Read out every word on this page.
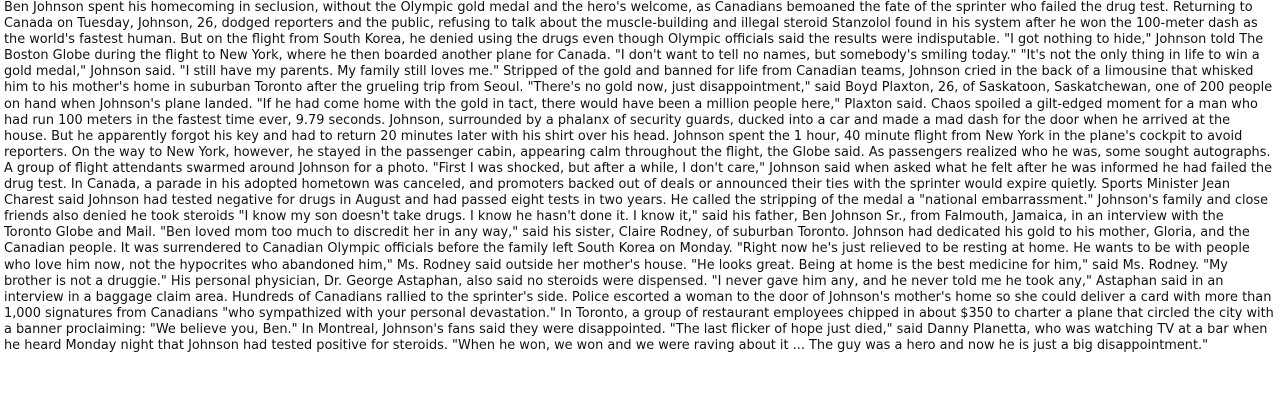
Ben Johnson spent his homecoming in seclusion, without the Olympic gold medal and the hero's welcome, as Canadians bemoaned the fate of the sprinter who failed the drug test. Returning to Canada on Tuesday, Johnson, 26, dodged reporters and the public, refusing to talk about the muscle-building and illegal steroid Stanzolol found in his system after he won the 100-meter dash as the world's fastest human. But on the flight from South Korea, he denied using the drugs even though Olympic officials said the results were indisputable. "I got nothing to hide," Johnson told The Boston Globe during the flight to New York, where he then boarded another plane for Canada. "I don't want to tell no names, but somebody's smiling today." "It's not the only thing in life to win a gold medal," Johnson said. "I still have my parents. My family still loves me." Stripped of the gold and banned for life from Canadian teams, Johnson cried in the back of a limousine that whisked him to his mother's home in suburban Toronto after the grueling trip from Seoul. "There's no gold now, just disappointment," said Boyd Plaxton, 26, of Saskatoon, Saskatchewan, one of 200 people on hand when Johnson's plane landed. "If he had come home with the gold in tact, there would have been a million people here," Plaxton said. Chaos spoiled a gilt-edged moment for a man who had run 100 meters in the fastest time ever, 9.79 seconds. Johnson, surrounded by a phalanx of security guards, ducked into a car and made a mad dash for the door when he arrived at the house. But he apparently forgot his key and had to return 20 minutes later with his shirt over his head. Johnson spent the 1 hour, 40 minute flight from New York in the plane's cockpit to avoid reporters. On the way to New York, however, he stayed in the passenger cabin, appearing calm throughout the flight, the Globe said. As passengers realized who he was, some sought autographs. A group of flight attendants swarmed around Johnson for a photo. "First I was shocked, but after a while, I don't care," Johnson said when asked what he felt after he was informed he had failed the drug test. In Canada, a parade in his adopted hometown was canceled, and promoters backed out of deals or announced their ties with the sprinter would expire quietly. Sports Minister Jean Charest said Johnson had tested negative for drugs in August and had passed eight tests in two years. He called the stripping of the medal a "national embarrassment." Johnson's family and close friends also denied he took steroids "I know my son doesn't take drugs. I know he hasn't done it. I know it," said his father, Ben Johnson Sr., from Falmouth, Jamaica, in an interview with the Toronto Globe and Mail. "Ben loved mom too much to discredit her in any way," said his sister, Claire Rodney, of suburban Toronto. Johnson had dedicated his gold to his mother, Gloria, and the Canadian people. It was surrendered to Canadian Olympic officials before the family left South Korea on Monday. "Right now he's just relieved to be resting at home. He wants to be with people who love him now, not the hypocrites who abandoned him," Ms. Rodney said outside her mother's house. "He looks great. Being at home is the best medicine for him," said Ms. Rodney. "My brother is not a druggie." His personal physician, Dr. George Astaphan, also said no steroids were dispensed. "I never gave him any, and he never told me he took any," Astaphan said in an interview in a baggage claim area. Hundreds of Canadians rallied to the sprinter's side. Police escorted a woman to the door of Johnson's mother's home so she could deliver a card with more than 1,000 signatures from Canadians "who sympathized with your personal devastation." In Toronto, a group of restaurant employees chipped in about $350 to charter a plane that circled the city with a banner proclaiming: "We believe you, Ben." In Montreal, Johnson's fans said they were disappointed. "The last flicker of hope just died," said Danny Planetta, who was watching TV at a bar when he heard Monday night that Johnson had tested positive for steroids. "When he won, we won and we were raving about it ... The guy was a hero and now he is just a big disappointment."
